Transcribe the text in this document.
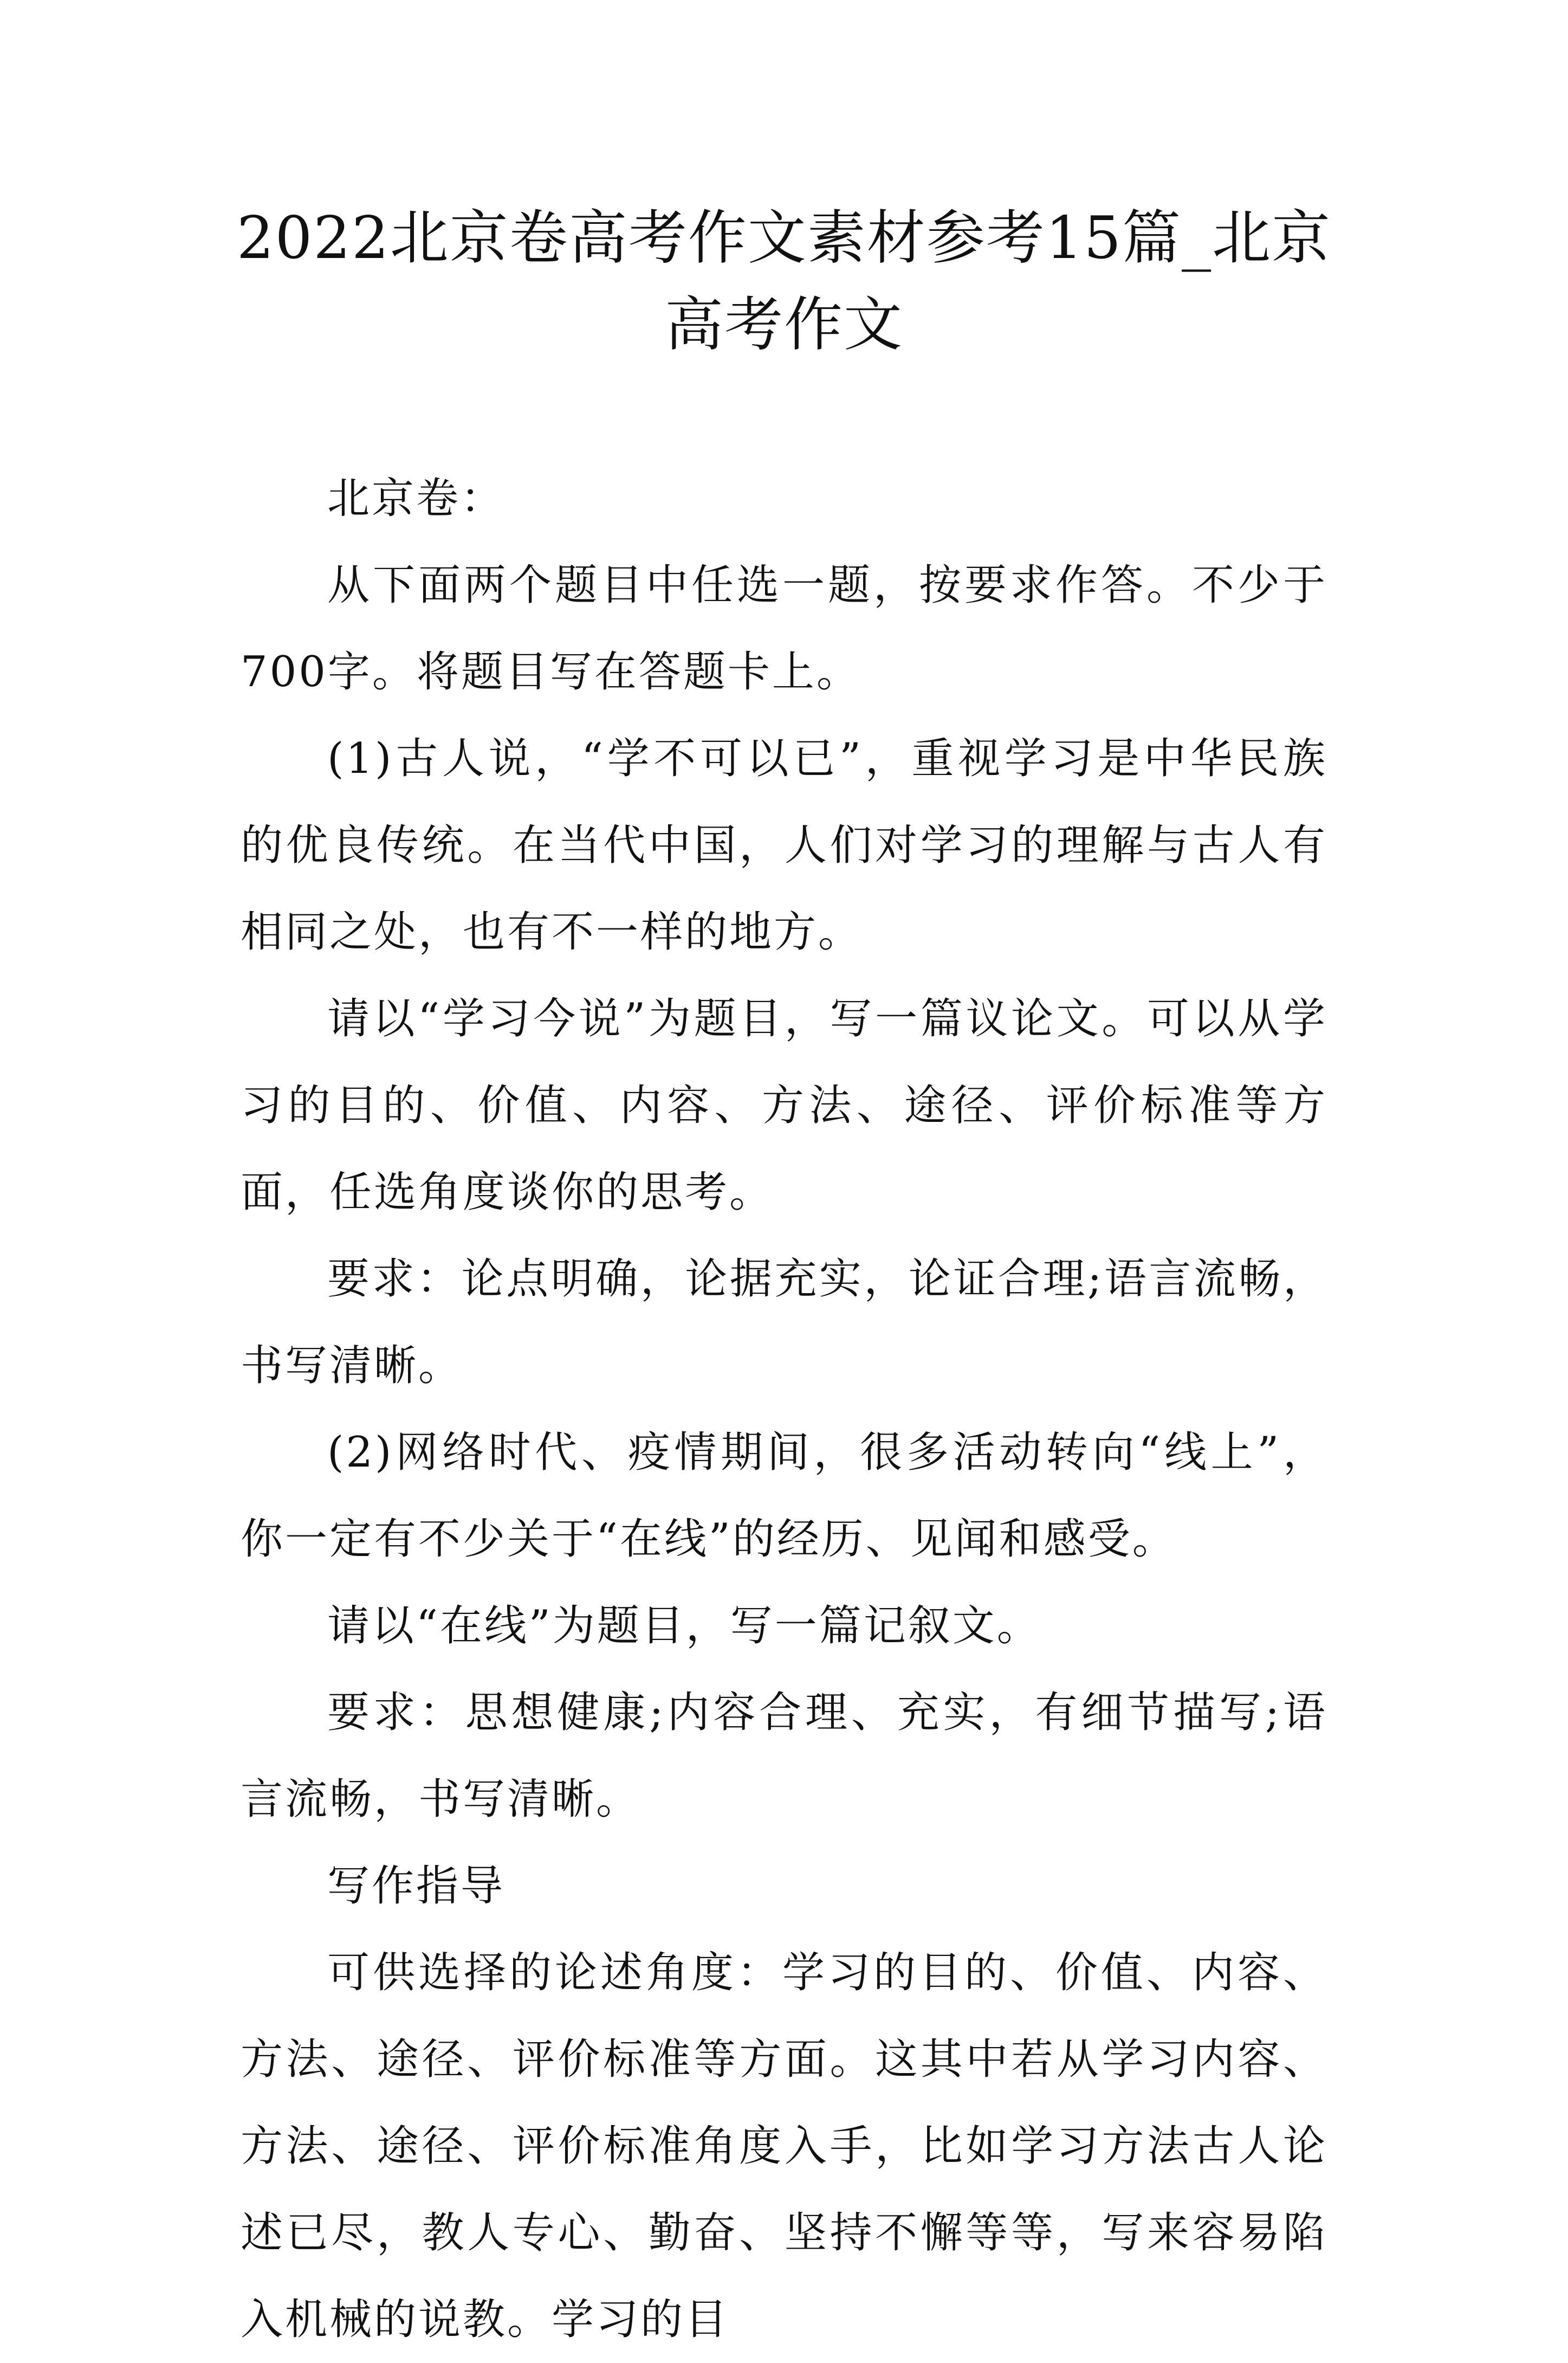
2022北京卷高考作文素材参考15篇_北京高考作文

北京卷：

从下面两个题目中任选一题，按要求作答。不少于700字。将题目写在答题卡上。

(1)古人说，“学不可以已”，重视学习是中华民族的优良传统。在当代中国，人们对学习的理解与古人有相同之处，也有不一样的地方。

请以“学习今说”为题目，写一篇议论文。可以从学习的目的、价值、内容、方法、途径、评价标准等方面，任选角度谈你的思考。

要求：论点明确，论据充实，论证合理;语言流畅，书写清晰。

(2)网络时代、疫情期间，很多活动转向“线上”，你一定有不少关于“在线”的经历、见闻和感受。

请以“在线”为题目，写一篇记叙文。

要求：思想健康;内容合理、充实，有细节描写;语言流畅，书写清晰。

写作指导

可供选择的论述角度：学习的目的、价值、内容、方法、途径、评价标准等方面。这其中若从学习内容、方法、途径、评价标准角度入手，比如学习方法古人论述已尽，教人专心、勤奋、坚持不懈等等，写来容易陷入机械的说教。学习的目
